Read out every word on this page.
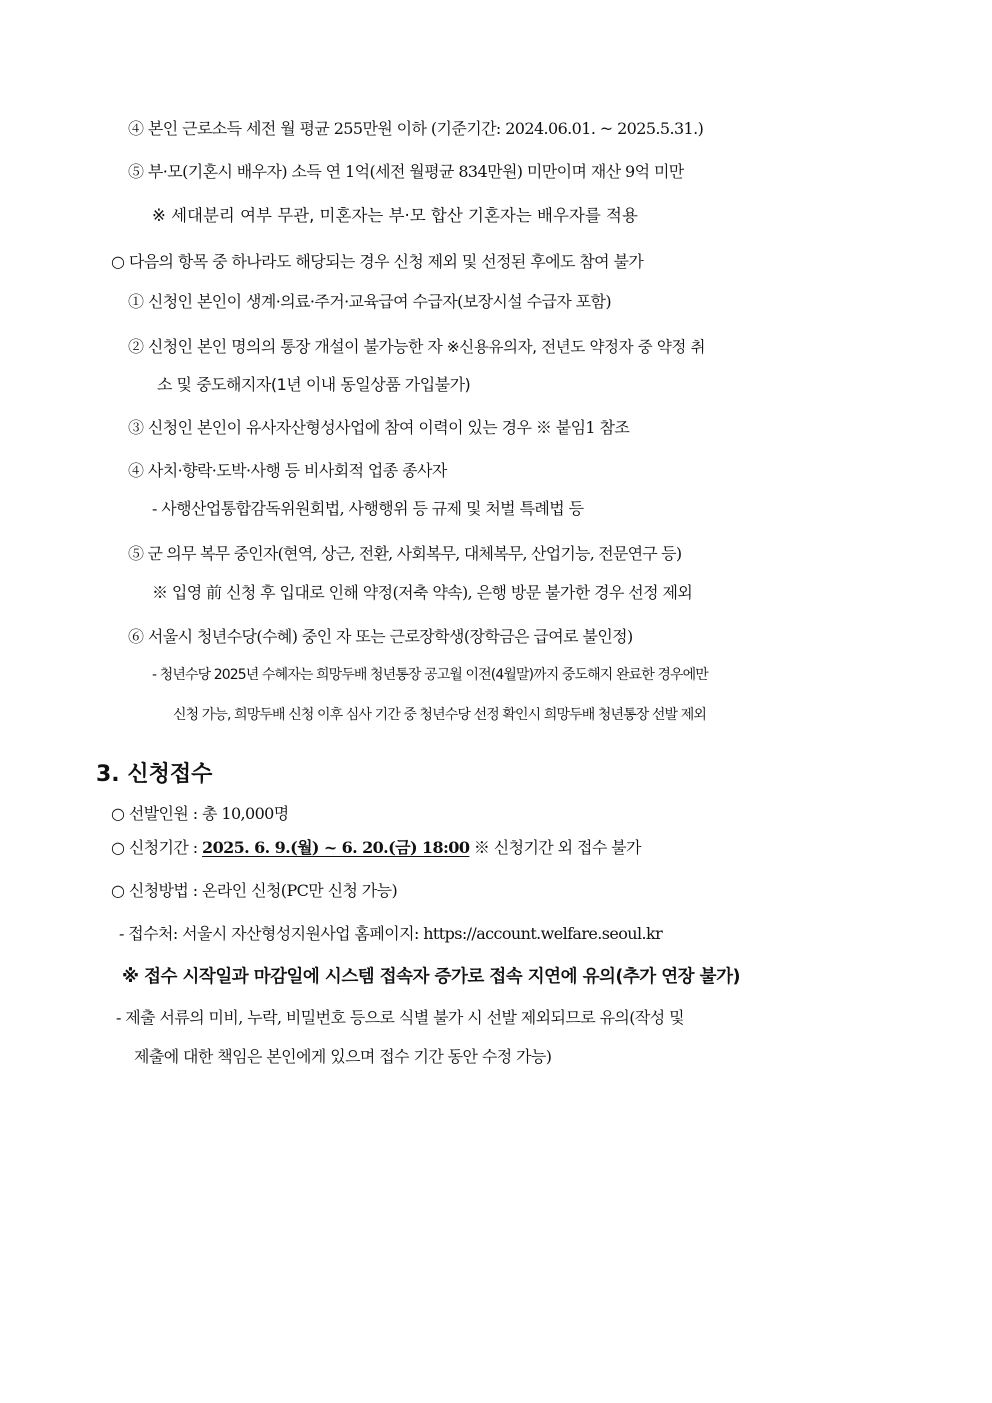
④ 본인 근로소득 세전 월 평균 255만원 이하 (기준기간: 2024.06.01. ~ 2025.5.31.)
⑤ 부·모(기혼시 배우자) 소득 연 1억(세전 월평균 834만원) 미만이며 재산 9억 미만
※ 세대분리 여부 무관, 미혼자는 부·모 합산 기혼자는 배우자를 적용
○ 다음의 항목 중 하나라도 해당되는 경우 신청 제외 및 선정된 후에도 참여 불가
① 신청인 본인이 생계·의료·주거·교육급여 수급자(보장시설 수급자 포함)
② 신청인 본인 명의의 통장 개설이 불가능한 자 ※신용유의자, 전년도 약정자 중 약정 취
소 및 중도해지자(1년 이내 동일상품 가입불가)
③ 신청인 본인이 유사자산형성사업에 참여 이력이 있는 경우 ※ 붙임1 참조
④ 사치·향락·도박·사행 등 비사회적 업종 종사자
- 사행산업통합감독위원회법, 사행행위 등 규제 및 처벌 특례법 등
⑤ 군 의무 복무 중인자(현역, 상근, 전환, 사회복무, 대체복무, 산업기능, 전문연구 등)
※ 입영 前 신청 후 입대로 인해 약정(저축 약속), 은행 방문 불가한 경우 선정 제외
⑥ 서울시 청년수당(수혜) 중인 자 또는 근로장학생(장학금은 급여로 불인정)
- 청년수당 2025년 수혜자는 희망두배 청년통장 공고월 이전(4월말)까지 중도해지 완료한 경우에만
신청 가능, 희망두배 신청 이후 심사 기간 중 청년수당 선정 확인시 희망두배 청년통장 선발 제외
3. 신청접수
○ 선발인원 : 총 10,000명
○ 신청기간 : 2025. 6. 9.(월) ~ 6. 20.(금) 18:00 ※ 신청기간 외 접수 불가
○ 신청방법 : 온라인 신청(PC만 신청 가능)
- 접수처: 서울시 자산형성지원사업 홈페이지: https://account.welfare.seoul.kr
※ 접수 시작일과 마감일에 시스템 접속자 증가로 접속 지연에 유의(추가 연장 불가)
- 제출 서류의 미비, 누락, 비밀번호 등으로 식별 불가 시 선발 제외되므로 유의(작성 및
제출에 대한 책임은 본인에게 있으며 접수 기간 동안 수정 가능)
